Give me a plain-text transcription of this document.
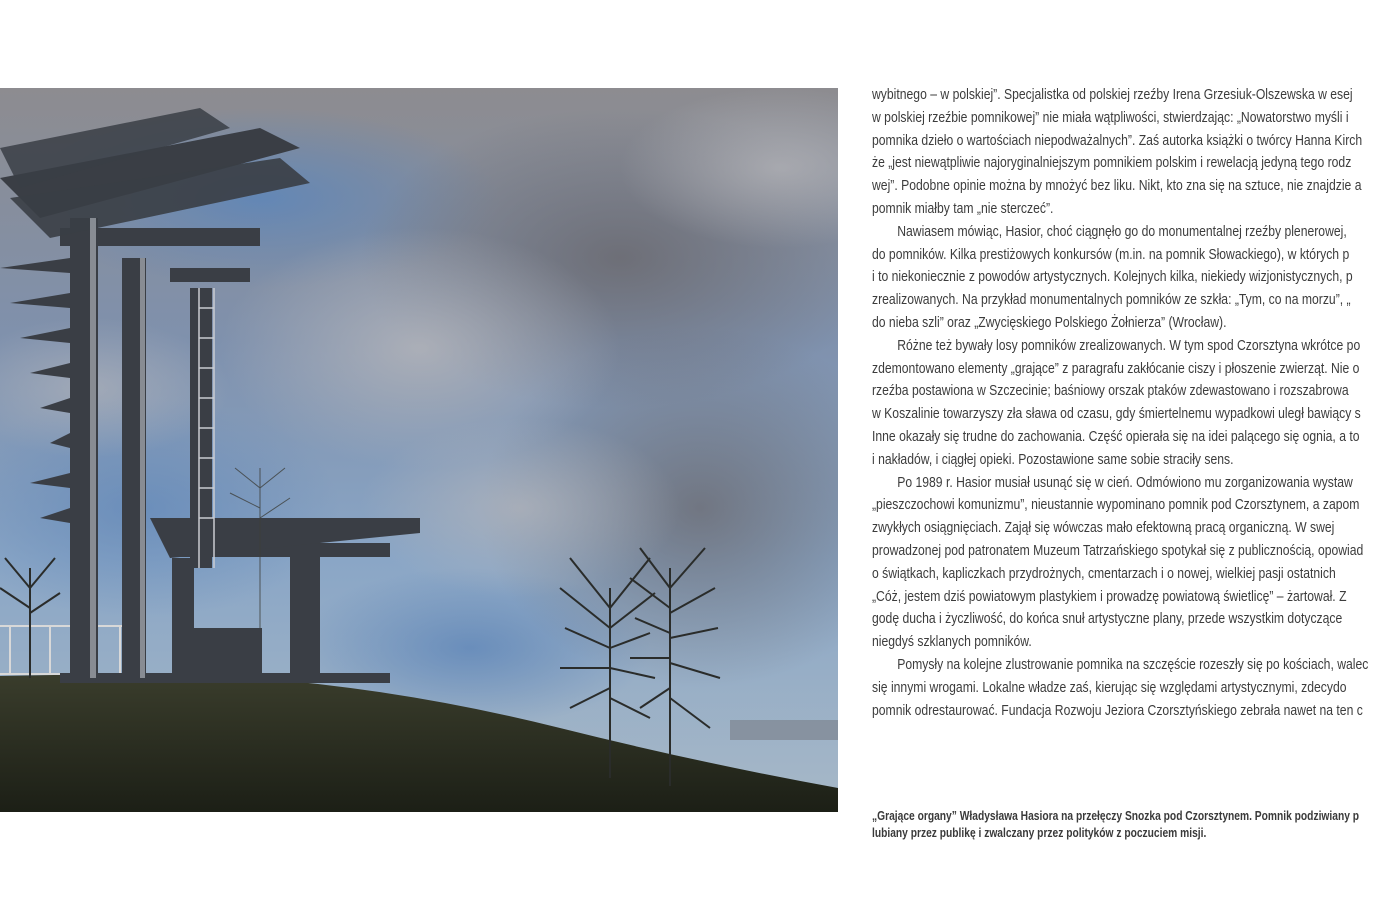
wybitnego – w polskiej”. Specjalistka od polskiej rzeźby Irena Grzesiuk-Olszewska w esej
w polskiej rzeźbie pomnikowej” nie miała wątpliwości, stwierdzając: „Nowatorstwo myśli i
pomnika dzieło o wartościach niepodważalnych”. Zaś autorka książki o twórcy Hanna Kirch
że „jest niewątpliwie najoryginalniejszym pomnikiem polskim i rewelacją jedyną tego rodz
wej”. Podobne opinie można by mnożyć bez liku. Nikt, kto zna się na sztuce, nie znajdzie a
pomnik miałby tam „nie sterczeć”.
Nawiasem mówiąc, Hasior, choć ciągnęło go do monumentalnej rzeźby plenerowej,
do pomników. Kilka prestiżowych konkursów (m.in. na pomnik Słowackiego), w których p
i to niekoniecznie z powodów artystycznych. Kolejnych kilka, niekiedy wizjonistycznych, p
zrealizowanych. Na przykład monumentalnych pomników ze szkła: „Tym, co na morzu”, „
do nieba szli” oraz „Zwycięskiego Polskiego Żołnierza” (Wrocław).
Różne też bywały losy pomników zrealizowanych. W tym spod Czorsztyna wkrótce po
zdemontowano elementy „grające” z paragrafu zakłócanie ciszy i płoszenie zwierząt. Nie o
rzeźba postawiona w Szczecinie; baśniowy orszak ptaków zdewastowano i rozszabrowa
w Koszalinie towarzyszy zła sława od czasu, gdy śmiertelnemu wypadkowi uległ bawiący s
Inne okazały się trudne do zachowania. Część opierała się na idei palącego się ognia, a to
i nakładów, i ciągłej opieki. Pozostawione same sobie straciły sens.
Po 1989 r. Hasior musiał usunąć się w cień. Odmówiono mu zorganizowania wystaw
„pieszczochowi komunizmu”, nieustannie wypominano pomnik pod Czorsztynem, a zapom
zwykłych osiągnięciach. Zajął się wówczas mało efektowną pracą organiczną. W swej
prowadzonej pod patronatem Muzeum Tatrzańskiego spotykał się z publicznością, opowiad
o świątkach, kapliczkach przydrożnych, cmentarzach i o nowej, wielkiej pasji ostatnich
„Cóż, jestem dziś powiatowym plastykiem i prowadzę powiatową świetlicę” – żartował. Z
godę ducha i życzliwość, do końca snuł artystyczne plany, przede wszystkim dotyczące
niegdyś szklanych pomników.
Pomysły na kolejne zlustrowanie pomnika na szczęście rozeszły się po kościach, walec
się innymi wrogami. Lokalne władze zaś, kierując się względami artystycznymi, zdecydo
pomnik odrestaurować. Fundacja Rozwoju Jeziora Czorsztyńskiego zebrała nawet na ten c
„Grające organy” Władysława Hasiora na przełęczy Snozka pod Czorsztynem. Pomnik podziwiany p
lubiany przez publikę i zwalczany przez polityków z poczuciem misji.
